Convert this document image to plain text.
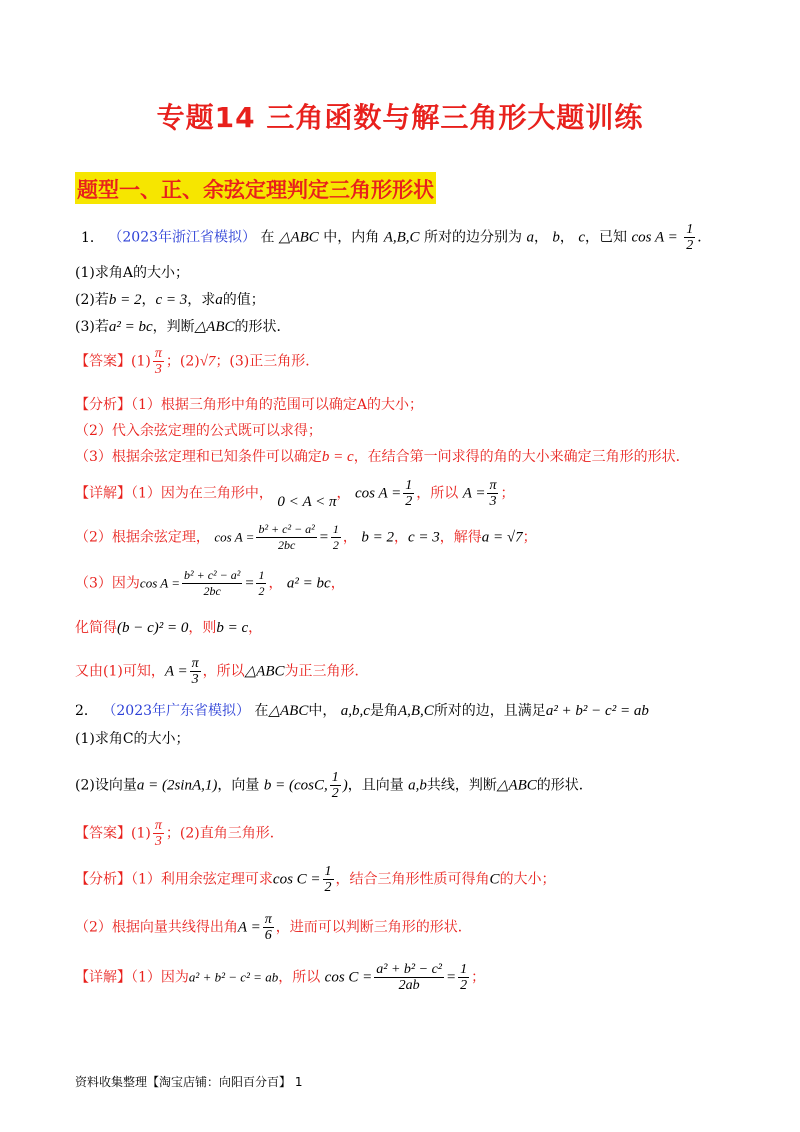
专题14 三角函数与解三角形大题训练
题型一、正、余弦定理判定三角形形状
1． （2023年浙江省模拟） 在 △ABC 中，内角 A,B,C 所对的边分别为 a， b， c，已知 $\cos A = \frac{1}{2}$ ．
(1)求角A的大小；
(2)若b = 2，c = 3，求a的值；
(3)若a² = bc，判断△ABC的形状．
【答案】$(1) \frac{\pi}{3}$ ；(2)√7；(3)正三角形．
【分析】（1）根据三角形中角的范围可以确定A的大小；
（2）代入余弦定理的公式既可以求得；
（3）根据余弦定理和已知条件可以确定b = c，在结合第一问求得的角的大小来确定三角形的形状．
【详解】（1）因为在三角形中， 0 < A < π， $\cos A = \frac{1}{2}$ ，所以 $A = \frac{\pi}{3}$ ；
（2）根据余弦定理， $\cos A = \frac{\text{b² + c² − a²}}{2bc} = \frac{1}{2}$ ， b = 2，c = 3，解得a = √7；
（3）因为$\cos A = \frac{\text{b² + c² − a²}}{2bc} = \frac{1}{2}$ ， a² = bc，
化简得(b − c)² = 0，则b = c，
又由(1)可知，$A = \frac{\pi}{3}$ ，所以△ABC为正三角形．
2． （2023年广东省模拟） 在△ABC中， a,b,c是角A,B,C所对的边，且满足a² + b² − c² = ab
(1)求角C的大小；
(2)设向量a = (2sinA,1)，向量 b = (cosC, $\frac{1}{2}$ )，且向量 a,b共线，判断△ABC的形状．
【答案】$(1) \frac{\pi}{3}$ ；(2)直角三角形．
【分析】（1）利用余弦定理可求$\cos C = \frac{1}{2}$ ，结合三角形性质可得角C的大小；
（2）根据向量共线得出角$A = \frac{\pi}{6}$ ，进而可以判断三角形的形状．
【详解】（1）因为a² + b² − c² = ab，所以 $\cos C = \frac{\text{a² + b² − c²}}{2ab} = \frac{1}{2}$ ；
资料收集整理【淘宝店铺：向阳百分百】 1
